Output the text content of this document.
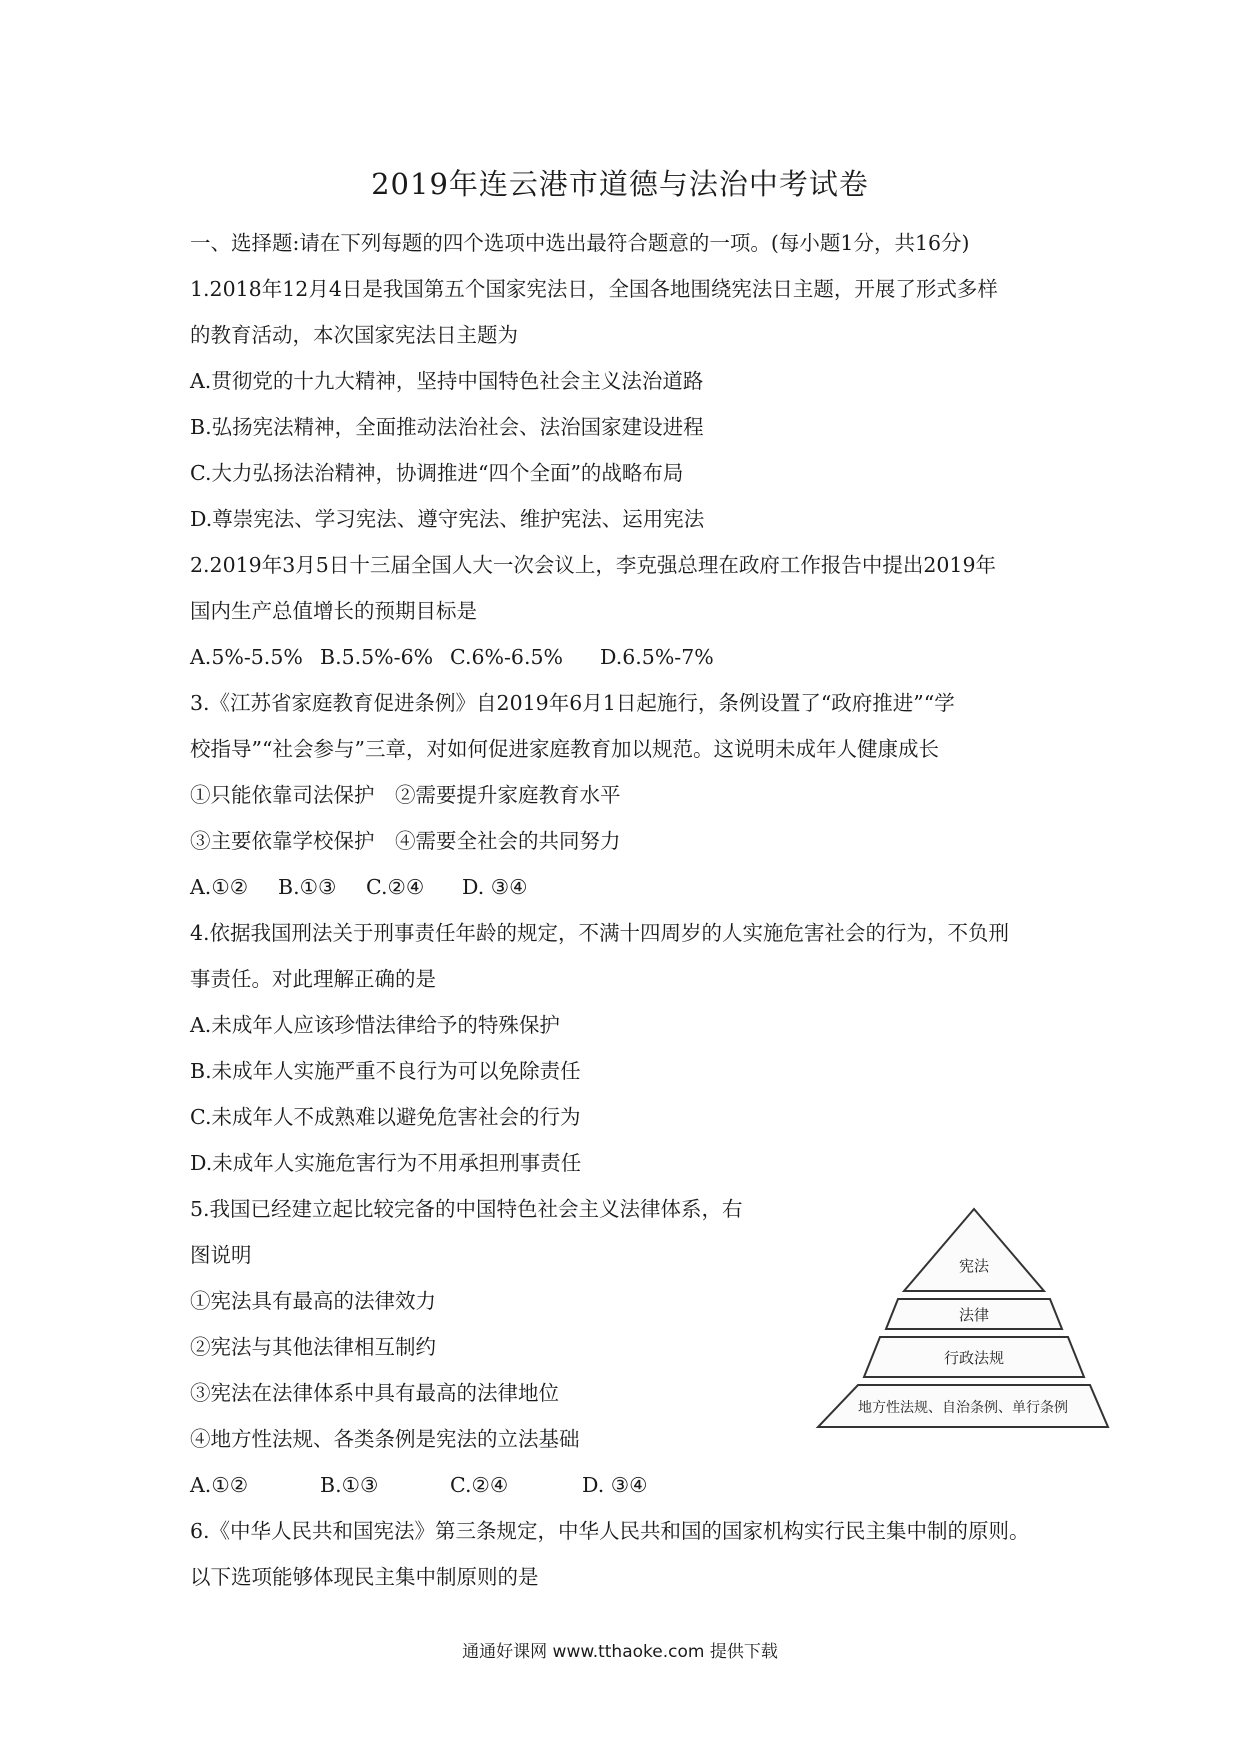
2019年连云港市道德与法治中考试卷
一、选择题:请在下列每题的四个选项中选出最符合题意的一项。(每小题1分，共16分)
1.2018年12月4日是我国第五个国家宪法日，全国各地围绕宪法日主题，开展了形式多样
的教育活动，本次国家宪法日主题为
A.贯彻党的十九大精神，坚持中国特色社会主义法治道路
B.弘扬宪法精神，全面推动法治社会、法治国家建设进程
C.大力弘扬法治精神，协调推进“四个全面”的战略布局
D.尊崇宪法、学习宪法、遵守宪法、维护宪法、运用宪法
2.2019年3月5日十三届全国人大一次会议上，李克强总理在政府工作报告中提出2019年
国内生产总值增长的预期目标是
A.5%-5.5% B.5.5%-6% C.6%-6.5% D.6.5%-7%
3.《江苏省家庭教育促进条例》自2019年6月1日起施行，条例设置了“政府推进”“学
校指导”“社会参与”三章，对如何促进家庭教育加以规范。这说明未成年人健康成长
①只能依靠司法保护　②需要提升家庭教育水平
③主要依靠学校保护　④需要全社会的共同努力
A.①② B.①③ C.②④ D. ③④
4.依据我国刑法关于刑事责任年龄的规定，不满十四周岁的人实施危害社会的行为，不负刑
事责任。对此理解正确的是
A.未成年人应该珍惜法律给予的特殊保护
B.未成年人实施严重不良行为可以免除责任
C.未成年人不成熟难以避免危害社会的行为
D.未成年人实施危害行为不用承担刑事责任
5.我国已经建立起比较完备的中国特色社会主义法律体系，右
图说明
①宪法具有最高的法律效力
②宪法与其他法律相互制约
③宪法在法律体系中具有最高的法律地位
④地方性法规、各类条例是宪法的立法基础
A.①②	B.①③	C.②④	D. ③④
宪法
法律
行政法规
地方性法规、自治条例、单行条例
6.《中华人民共和国宪法》第三条规定，中华人民共和国的国家机构实行民主集中制的原则。
以下选项能够体现民主集中制原则的是
通通好课网 www.tthaoke.com 提供下载
